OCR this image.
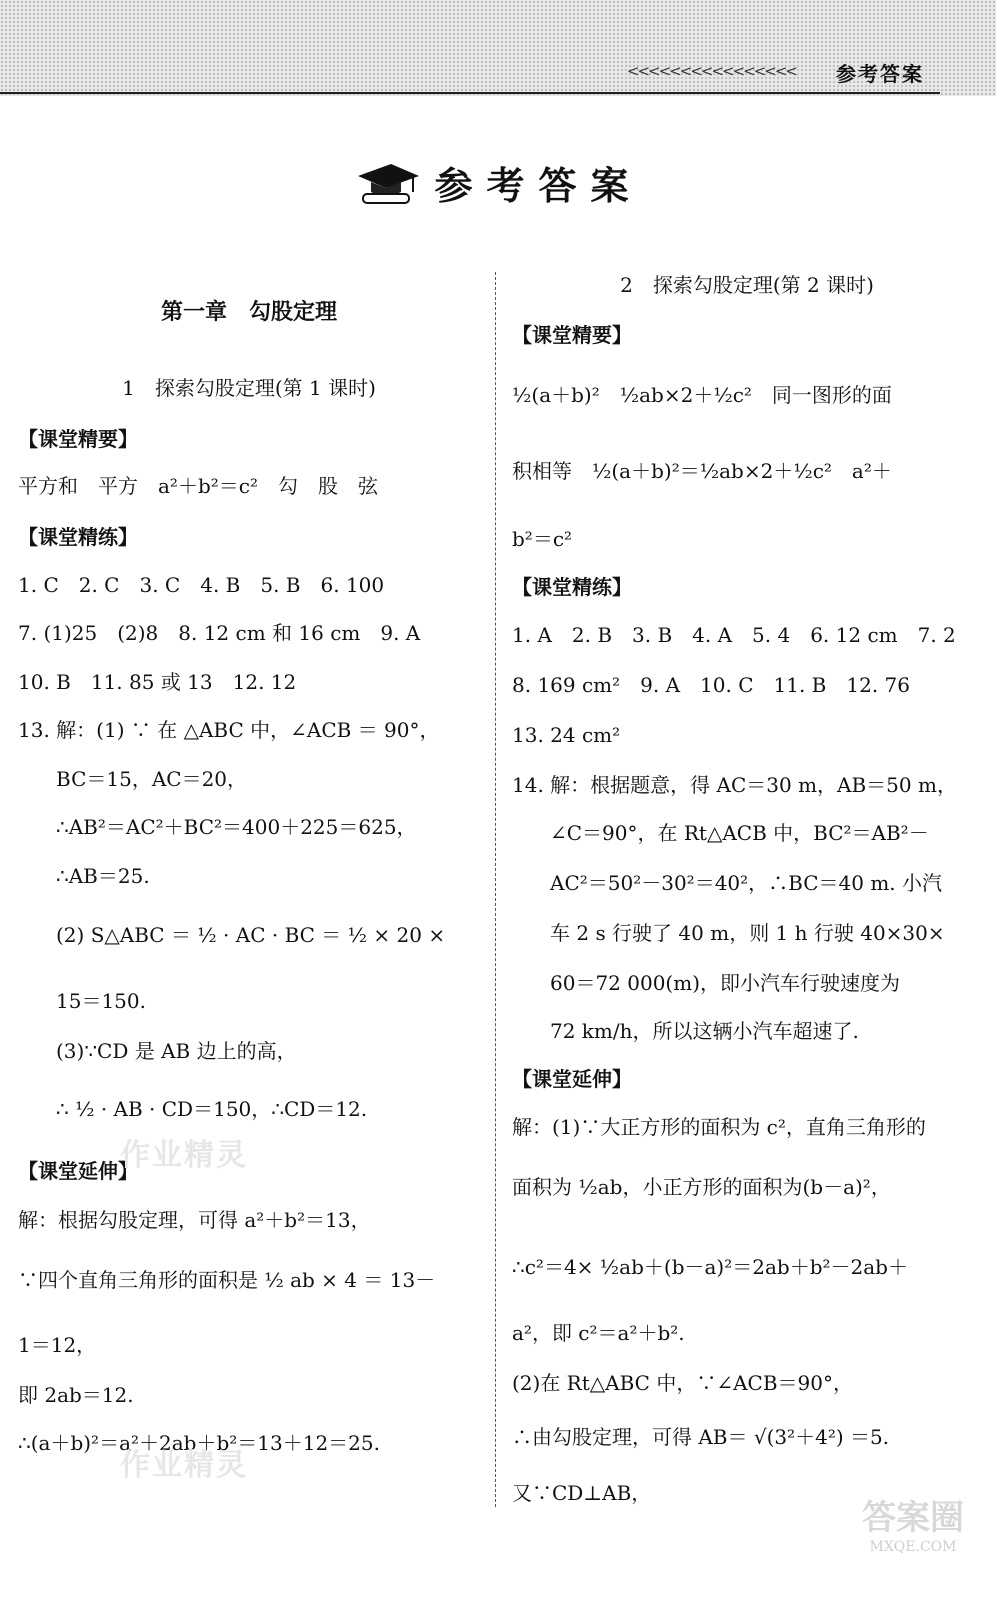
<<<<<<<<<<<<<<<< 参考答案
参考答案
第一章　勾股定理
1　探索勾股定理(第 1 课时)
【课堂精要】
平方和　平方　a²＋b²＝c²　勾　股　弦
【课堂精练】
1. C　2. C　3. C　4. B　5. B　6. 100
7. (1)25　(2)8　8. 12 cm 和 16 cm　9. A
10. B　11. 85 或 13　12. 12
13. 解：(1) ∵ 在 △ABC 中，∠ACB ＝ 90°，
BC＝15，AC＝20，
∴AB²＝AC²＋BC²＝400＋225＝625，
∴AB＝25.
(2) S△ABC ＝ ½ · AC · BC ＝ ½ × 20 ×
15＝150.
(3)∵CD 是 AB 边上的高，
∴ ½ · AB · CD＝150，∴CD＝12.
【课堂延伸】
解：根据勾股定理，可得 a²＋b²＝13，
∵四个直角三角形的面积是 ½ ab × 4 ＝ 13－
1＝12，
即 2ab＝12.
∴(a＋b)²＝a²＋2ab＋b²＝13＋12＝25.
2　探索勾股定理(第 2 课时)
【课堂精要】
½(a＋b)²　½ab×2＋½c²　同一图形的面
积相等　½(a＋b)²＝½ab×2＋½c²　a²＋
b²＝c²
【课堂精练】
1. A　2. B　3. B　4. A　5. 4　6. 12 cm　7. 2
8. 169 cm²　9. A　10. C　11. B　12. 76
13. 24 cm²
14. 解：根据题意，得 AC＝30 m，AB＝50 m，
∠C＝90°，在 Rt△ACB 中，BC²＝AB²－
AC²＝50²－30²＝40²，∴BC＝40 m. 小汽
车 2 s 行驶了 40 m，则 1 h 行驶 40×30×
60＝72 000(m)，即小汽车行驶速度为
72 km/h，所以这辆小汽车超速了.
【课堂延伸】
解：(1)∵大正方形的面积为 c²，直角三角形的
面积为 ½ab，小正方形的面积为(b－a)²，
∴c²＝4× ½ab＋(b－a)²＝2ab＋b²－2ab＋
a²，即 c²＝a²＋b².
(2)在 Rt△ABC 中，∵∠ACB＝90°，
∴由勾股定理，可得 AB＝ √(3²＋4²) ＝5.
又∵CD⊥AB，
作业精灵
作业精灵
答案圈
MXQE.COM
